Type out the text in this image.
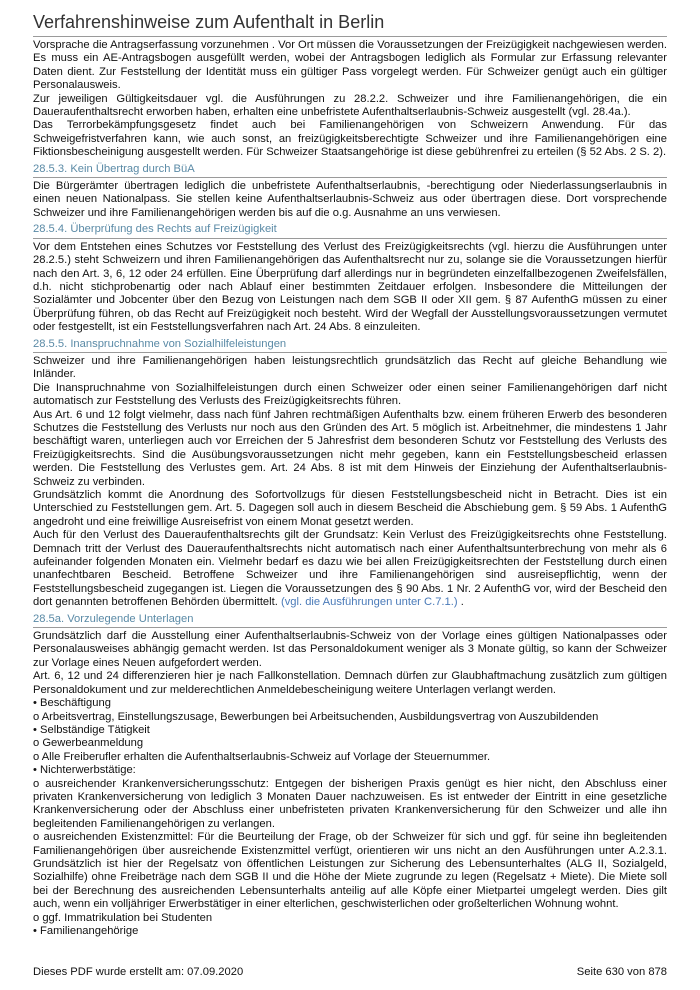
Verfahrenshinweise zum Aufenthalt in Berlin

Vorsprache die Antragserfassung vorzunehmen . Vor Ort müssen die Voraussetzungen der Freizügigkeit nachgewiesen werden. Es muss ein AE-Antragsbogen ausgefüllt werden, wobei der Antragsbogen lediglich als Formular zur Erfassung relevanter Daten dient. Zur Feststellung der Identität muss ein gültiger Pass vorgelegt werden. Für Schweizer genügt auch ein gültiger Personalausweis.

Zur jeweiligen Gültigkeitsdauer vgl. die Ausführungen zu 28.2.2. Schweizer und ihre Familienangehörigen, die ein Daueraufenthaltsrecht erworben haben, erhalten eine unbefristete Aufenthaltserlaubnis-Schweiz ausgestellt (vgl. 28.4a.).

Das Terrorbekämpfungsgesetz findet auch bei Familienangehörigen von Schweizern Anwendung. Für das Schweigefristverfahren kann, wie auch sonst, an freizügigkeitsberechtigte Schweizer und ihre Familienangehörigen eine Fiktionsbescheinigung ausgestellt werden. Für Schweizer Staatsangehörige ist diese gebührenfrei zu erteilen (§ 52 Abs. 2 S. 2).

28.5.3. Kein Übertrag durch BüA

Die Bürgerämter übertragen lediglich die unbefristete Aufenthaltserlaubnis, -berechtigung oder Niederlassungserlaubnis in einen neuen Nationalpass. Sie stellen keine Aufenthaltserlaubnis-Schweiz aus oder übertragen diese. Dort vorsprechende Schweizer und ihre Familienangehörigen werden bis auf die o.g. Ausnahme an uns verwiesen.

28.5.4. Überprüfung des Rechts auf Freizügigkeit

Vor dem Entstehen eines Schutzes vor Feststellung des Verlust des Freizügigkeitsrechts (vgl. hierzu die Ausführungen unter 28.2.5.) steht Schweizern und ihren Familienangehörigen das Aufenthaltsrecht nur zu, solange sie die Voraussetzungen hierfür nach den Art. 3, 6, 12 oder 24 erfüllen. Eine Überprüfung darf allerdings nur in begründeten einzelfallbezogenen Zweifelsfällen, d.h. nicht stichprobenartig oder nach Ablauf einer bestimmten Zeitdauer erfolgen. Insbesondere die Mitteilungen der Sozialämter und Jobcenter über den Bezug von Leistungen nach dem SGB II oder XII gem. § 87 AufenthG müssen zu einer Überprüfung führen, ob das Recht auf Freizügigkeit noch besteht. Wird der Wegfall der Ausstellungsvoraussetzungen vermutet oder festgestellt, ist ein Feststellungsverfahren nach Art. 24 Abs. 8 einzuleiten.

28.5.5. Inanspruchnahme von Sozialhilfeleistungen

Schweizer und ihre Familienangehörigen haben leistungsrechtlich grundsätzlich das Recht auf gleiche Behandlung wie Inländer.

Die Inanspruchnahme von Sozialhilfeleistungen durch einen Schweizer oder einen seiner Familienangehörigen darf nicht automatisch zur Feststellung des Verlusts des Freizügigkeitsrechts führen.

Aus Art. 6 und 12 folgt vielmehr, dass nach fünf Jahren rechtmäßigen Aufenthalts bzw. einem früheren Erwerb des besonderen Schutzes die Feststellung des Verlusts nur noch aus den Gründen des Art. 5 möglich ist. Arbeitnehmer, die mindestens 1 Jahr beschäftigt waren, unterliegen auch vor Erreichen der 5 Jahresfrist dem besonderen Schutz vor Feststellung des Verlusts des Freizügigkeitsrechts. Sind die Ausübungsvoraussetzungen nicht mehr gegeben, kann ein Feststellungsbescheid erlassen werden. Die Feststellung des Verlustes gem. Art. 24 Abs. 8 ist mit dem Hinweis der Einziehung der Aufenthaltserlaubnis-Schweiz zu verbinden.

Grundsätzlich kommt die Anordnung des Sofortvollzugs für diesen Feststellungsbescheid nicht in Betracht. Dies ist ein Unterschied zu Feststellungen gem. Art. 5. Dagegen soll auch in diesem Bescheid die Abschiebung gem. § 59 Abs. 1 AufenthG angedroht und eine freiwillige Ausreisefrist von einem Monat gesetzt werden.

Auch für den Verlust des Daueraufenthaltsrechts gilt der Grundsatz: Kein Verlust des Freizügigkeitsrechts ohne Feststellung. Demnach tritt der Verlust des Daueraufenthaltsrechts nicht automatisch nach einer Aufenthaltsunterbrechung von mehr als 6 aufeinander folgenden Monaten ein. Vielmehr bedarf es dazu wie bei allen Freizügigkeitsrechten der Feststellung durch einen unanfechtbaren Bescheid. Betroffene Schweizer und ihre Familienangehörigen sind ausreisepflichtig, wenn der Feststellungsbescheid zugegangen ist. Liegen die Voraussetzungen des § 90 Abs. 1 Nr. 2 AufenthG vor, wird der Bescheid den dort genannten betroffenen Behörden übermittelt. (vgl. die Ausführungen unter C.7.1.) .

28.5a. Vorzulegende Unterlagen

Grundsätzlich darf die Ausstellung einer Aufenthaltserlaubnis-Schweiz von der Vorlage eines gültigen Nationalpasses oder Personalausweises abhängig gemacht werden. Ist das Personaldokument weniger als 3 Monate gültig, so kann der Schweizer zur Vorlage eines Neuen aufgefordert werden.

Art. 6, 12 und 24 differenzieren hier je nach Fallkonstellation. Demnach dürfen zur Glaubhaftmachung zusätzlich zum gültigen Personaldokument und zur melderechtlichen Anmeldebescheinigung weitere Unterlagen verlangt werden.

• Beschäftigung

o Arbeitsvertrag, Einstellungszusage, Bewerbungen bei Arbeitsuchenden, Ausbildungsvertrag von Auszubildenden

• Selbständige Tätigkeit

o Gewerbeanmeldung

o Alle Freiberufler erhalten die Aufenthaltserlaubnis-Schweiz auf Vorlage der Steuernummer.

• Nichterwerbstätige:

o ausreichender Krankenversicherungsschutz: Entgegen der bisherigen Praxis genügt es hier nicht, den Abschluss einer privaten Krankenversicherung von lediglich 3 Monaten Dauer nachzuweisen. Es ist entweder der Eintritt in eine gesetzliche Krankenversicherung oder der Abschluss einer unbefristeten privaten Krankenversicherung für den Schweizer und alle ihn begleitenden Familienangehörigen zu verlangen.

o ausreichenden Existenzmittel: Für die Beurteilung der Frage, ob der Schweizer für sich und ggf. für seine ihn begleitenden Familienangehörigen über ausreichende Existenzmittel verfügt, orientieren wir uns nicht an den Ausführungen unter A.2.3.1. Grundsätzlich ist hier der Regelsatz von öffentlichen Leistungen zur Sicherung des Lebensunterhaltes (ALG II, Sozialgeld, Sozialhilfe) ohne Freibeträge nach dem SGB II und die Höhe der Miete zugrunde zu legen (Regelsatz + Miete). Die Miete soll bei der Berechnung des ausreichenden Lebensunterhalts anteilig auf alle Köpfe einer Mietpartei umgelegt werden. Dies gilt auch, wenn ein volljähriger Erwerbstätiger in einer elterlichen, geschwisterlichen oder großelterlichen Wohnung wohnt.

o ggf. Immatrikulation bei Studenten

• Familienangehörige

Dieses PDF wurde erstellt am: 07.09.2020	Seite 630 von 878
